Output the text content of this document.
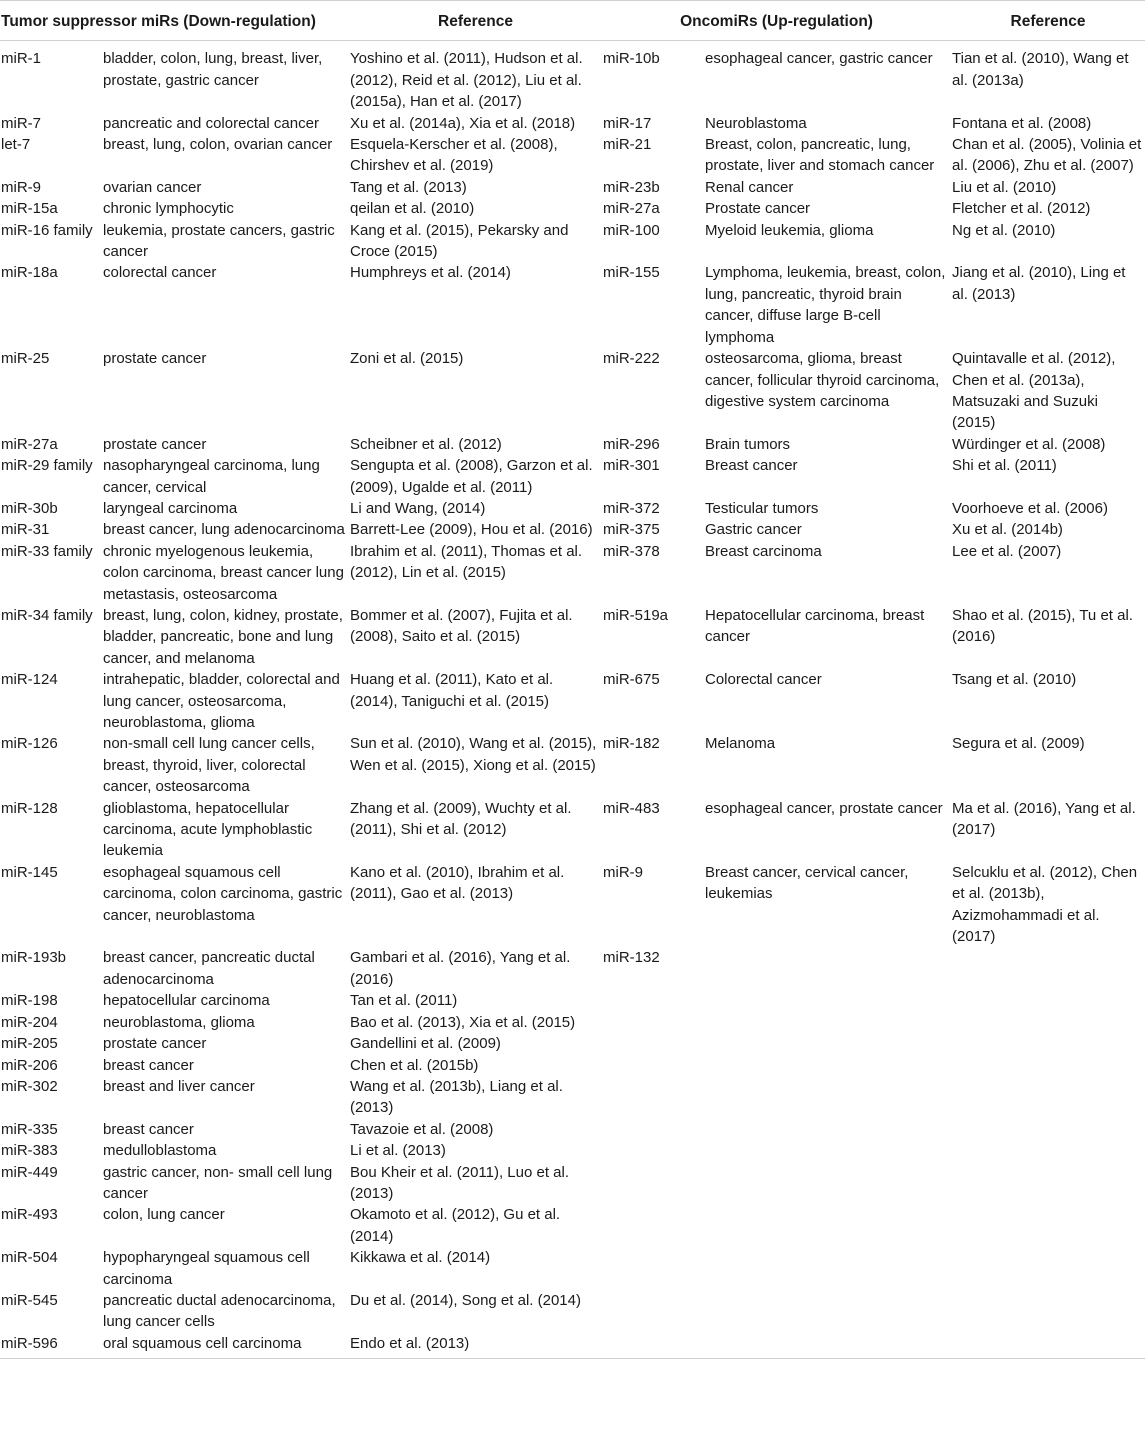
Tumor suppressor miRs (Down-regulation)		Reference	OncomiRs (Up-regulation)		Reference
miR-1	bladder, colon, lung, breast, liver, prostate, gastric cancer	Yoshino et al. (2011), Hudson et al. (2012), Reid et al. (2012), Liu et al. (2015a), Han et al. (2017)	miR-10b	esophageal cancer, gastric cancer	Tian et al. (2010), Wang et al. (2013a)
miR-7	pancreatic and colorectal cancer	Xu et al. (2014a), Xia et al. (2018)	miR-17	Neuroblastoma	Fontana et al. (2008)
let-7	breast, lung, colon, ovarian cancer	Esquela-Kerscher et al. (2008), Chirshev et al. (2019)	miR-21	Breast, colon, pancreatic, lung, prostate, liver and stomach cancer	Chan et al. (2005), Volinia et al. (2006), Zhu et al. (2007)
miR-9	ovarian cancer	Tang et al. (2013)	miR-23b	Renal cancer	Liu et al. (2010)
miR-15a	chronic lymphocytic	qeilan et al. (2010)	miR-27a	Prostate cancer	Fletcher et al. (2012)
miR-16 family	leukemia, prostate cancers, gastric cancer	Kang et al. (2015), Pekarsky and Croce (2015)	miR-100	Myeloid leukemia, glioma	Ng et al. (2010)
miR-18a	colorectal cancer	Humphreys et al. (2014)	miR-155	Lymphoma, leukemia, breast, colon, lung, pancreatic, thyroid brain cancer, diffuse large B-cell lymphoma	Jiang et al. (2010), Ling et al. (2013)
miR-25	prostate cancer	Zoni et al. (2015)	miR-222	osteosarcoma, glioma, breast cancer, follicular thyroid carcinoma, digestive system carcinoma	Quintavalle et al. (2012), Chen et al. (2013a), Matsuzaki and Suzuki (2015)
miR-27a	prostate cancer	Scheibner et al. (2012)	miR-296	Brain tumors	Würdinger et al. (2008)
miR-29 family	nasopharyngeal carcinoma, lung cancer, cervical	Sengupta et al. (2008), Garzon et al. (2009), Ugalde et al. (2011)	miR-301	Breast cancer	Shi et al. (2011)
miR-30b	laryngeal carcinoma	Li and Wang, (2014)	miR-372	Testicular tumors	Voorhoeve et al. (2006)
miR-31	breast cancer, lung adenocarcinoma	Barrett-Lee (2009), Hou et al. (2016)	miR-375	Gastric cancer	Xu et al. (2014b)
miR-33 family	chronic myelogenous leukemia, colon carcinoma, breast cancer lung metastasis, osteosarcoma	Ibrahim et al. (2011), Thomas et al. (2012), Lin et al. (2015)	miR-378	Breast carcinoma	Lee et al. (2007)
miR-34 family	breast, lung, colon, kidney, prostate, bladder, pancreatic, bone and lung cancer, and melanoma	Bommer et al. (2007), Fujita et al. (2008), Saito et al. (2015)	miR-519a	Hepatocellular carcinoma, breast cancer	Shao et al. (2015), Tu et al. (2016)
miR-124	intrahepatic, bladder, colorectal and lung cancer, osteosarcoma, neuroblastoma, glioma	Huang et al. (2011), Kato et al. (2014), Taniguchi et al. (2015)	miR-675	Colorectal cancer	Tsang et al. (2010)
miR-126	non-small cell lung cancer cells, breast, thyroid, liver, colorectal cancer, osteosarcoma	Sun et al. (2010), Wang et al. (2015), Wen et al. (2015), Xiong et al. (2015)	miR-182	Melanoma	Segura et al. (2009)
miR-128	glioblastoma, hepatocellular carcinoma, acute lymphoblastic leukemia	Zhang et al. (2009), Wuchty et al. (2011), Shi et al. (2012)	miR-483	esophageal cancer, prostate cancer	Ma et al. (2016), Yang et al. (2017)
miR-145	esophageal squamous cell carcinoma, colon carcinoma, gastric cancer, neuroblastoma	Kano et al. (2010), Ibrahim et al. (2011), Gao et al. (2013)	miR-9	Breast cancer, cervical cancer, leukemias	Selcuklu et al. (2012), Chen et al. (2013b), Azizmohammadi et al. (2017)
miR-193b	breast cancer, pancreatic ductal adenocarcinoma	Gambari et al. (2016), Yang et al. (2016)	miR-132		
miR-198	hepatocellular carcinoma	Tan et al. (2011)			
miR-204	neuroblastoma, glioma	Bao et al. (2013), Xia et al. (2015)			
miR-205	prostate cancer	Gandellini et al. (2009)			
miR-206	breast cancer	Chen et al. (2015b)			
miR-302	breast and liver cancer	Wang et al. (2013b), Liang et al. (2013)			
miR-335	breast cancer	Tavazoie et al. (2008)			
miR-383	medulloblastoma	Li et al. (2013)			
miR-449	gastric cancer, non- small cell lung cancer	Bou Kheir et al. (2011), Luo et al. (2013)			
miR-493	colon, lung cancer	Okamoto et al. (2012), Gu et al. (2014)			
miR-504	hypopharyngeal squamous cell carcinoma	Kikkawa et al. (2014)			
miR-545	pancreatic ductal adenocarcinoma, lung cancer cells	Du et al. (2014), Song et al. (2014)			
miR-596	oral squamous cell carcinoma	Endo et al. (2013)			
